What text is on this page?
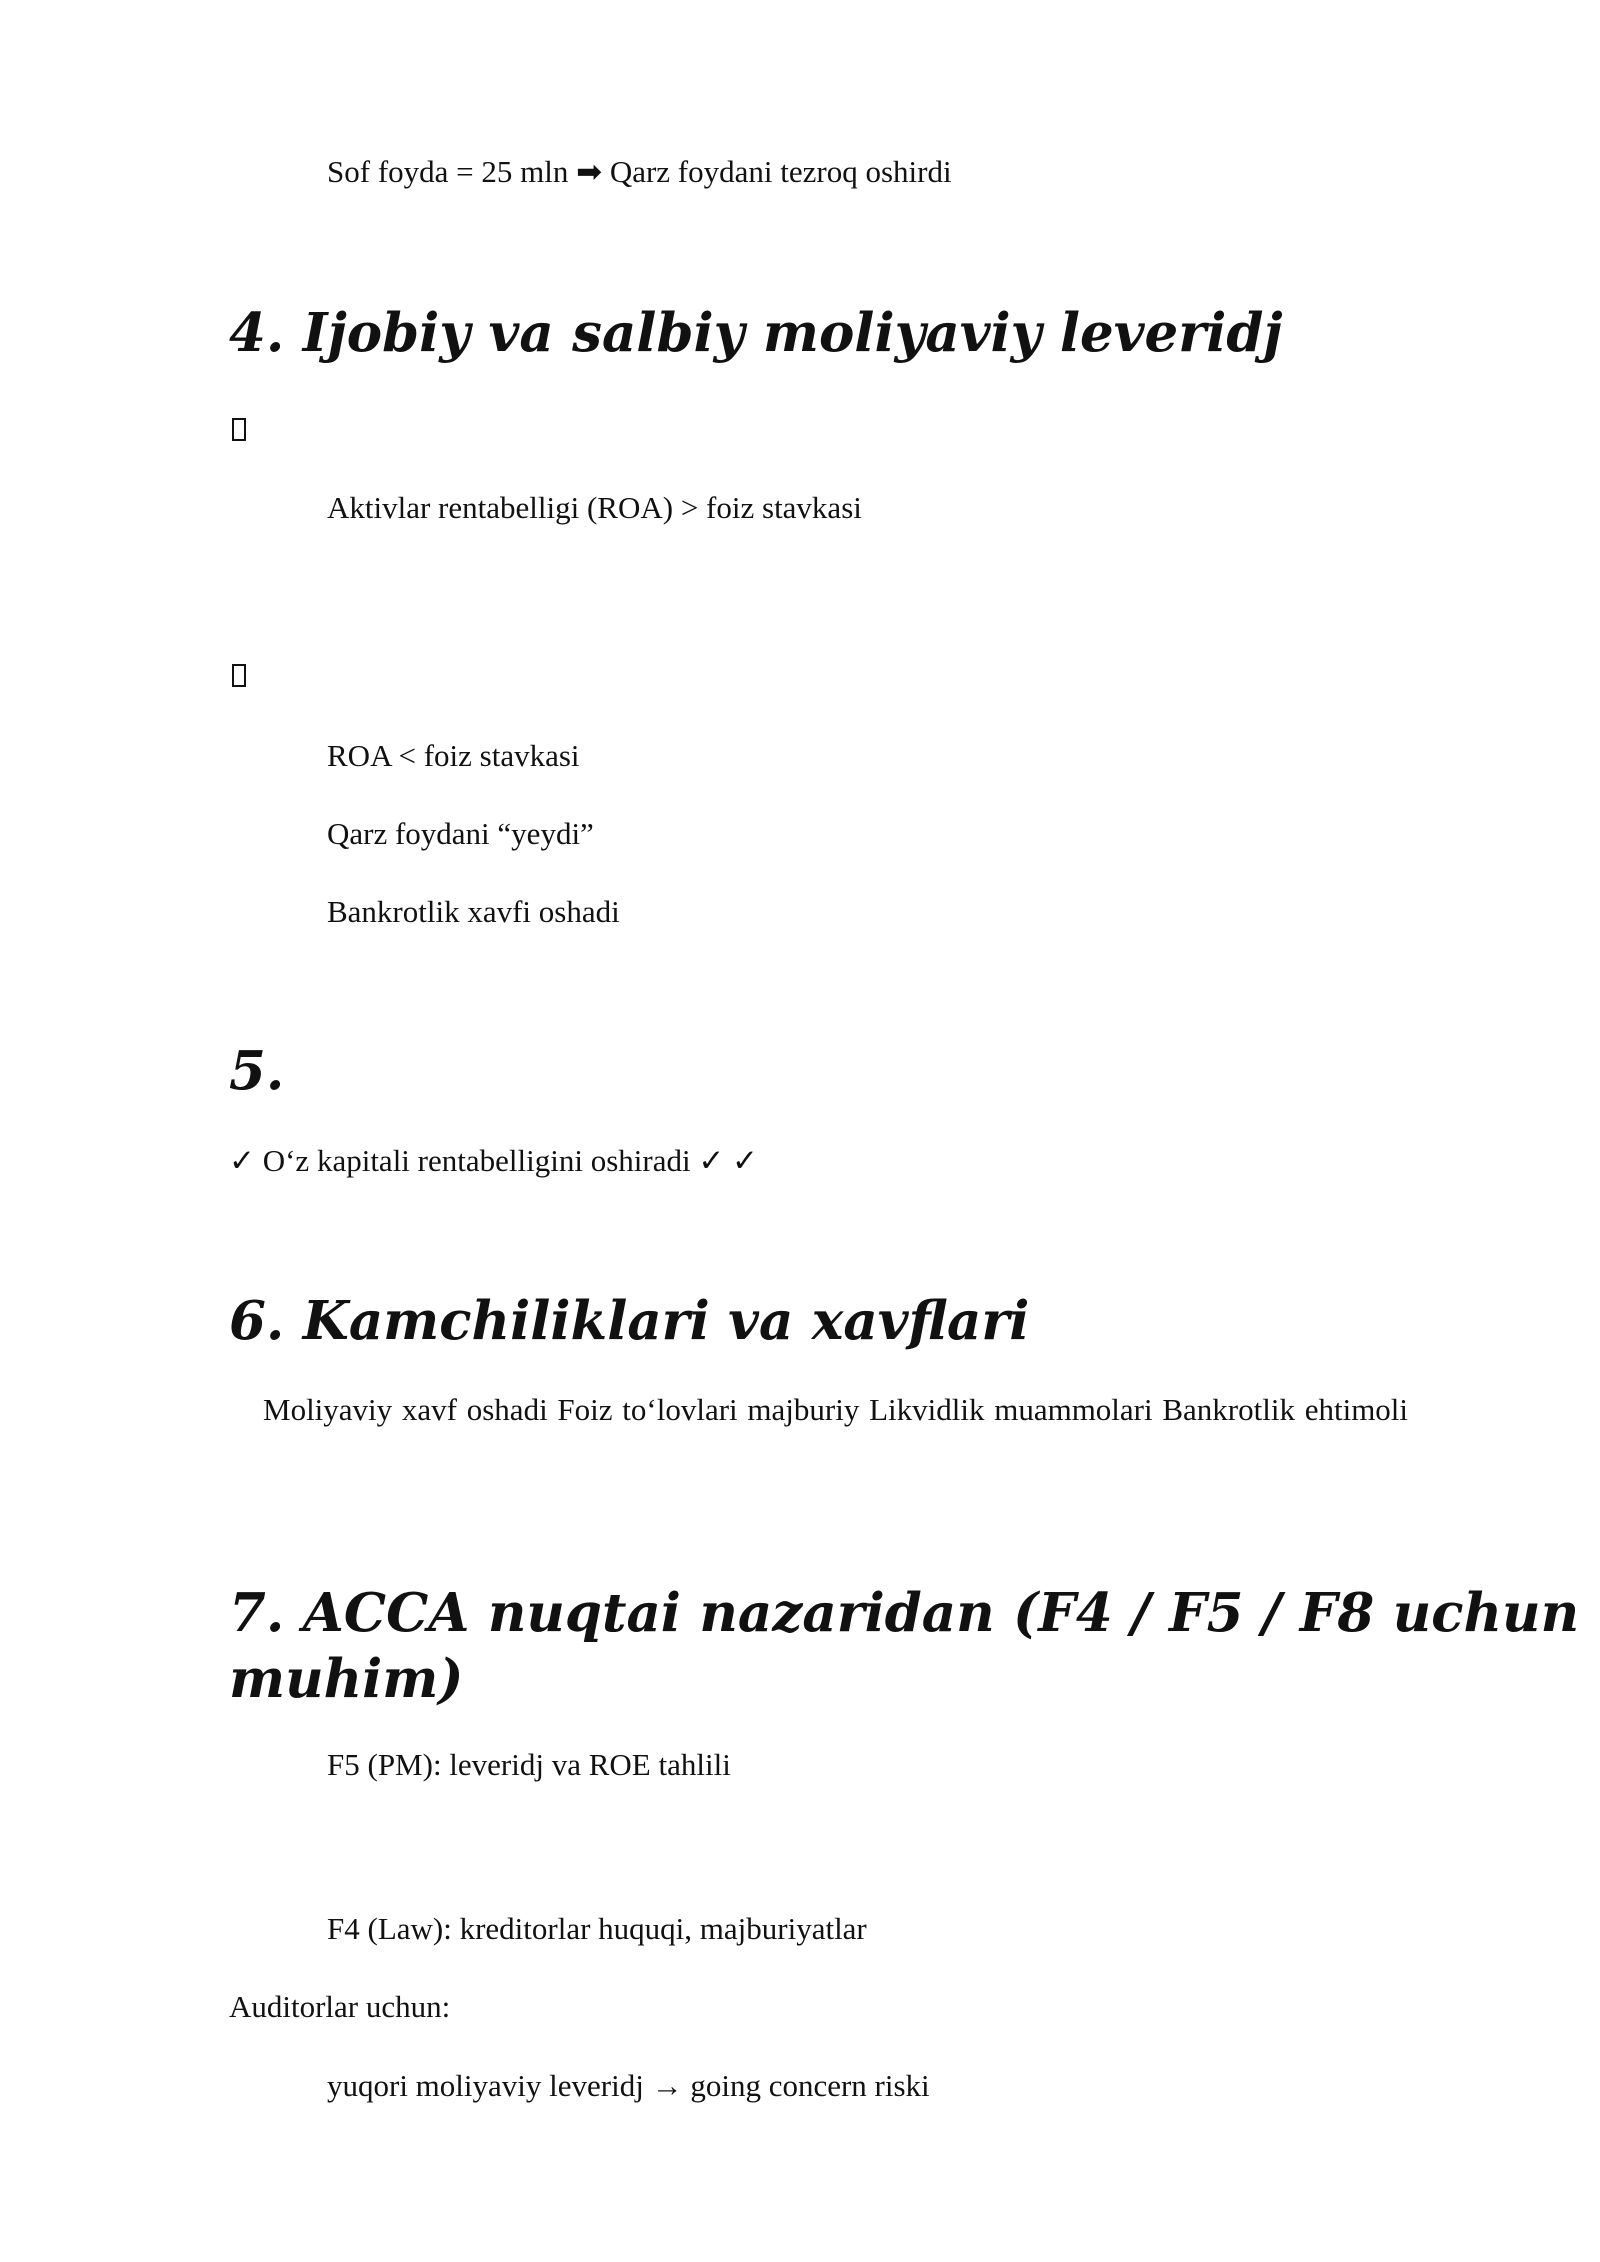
Sof foyda = 25 mln ➡ Qarz foydani tezroq oshirdi
4. Ijobiy va salbiy moliyaviy leveridj
Aktivlar rentabelligi (ROA) > foiz stavkasi
ROA < foiz stavkasi
Qarz foydani “yeydi”
Bankrotlik xavfi oshadi
5.
✓ O‘z kapitali rentabelligini oshiradi ✓ ✓
6. Kamchiliklari va xavflari
Moliyaviy xavf oshadi Foiz to‘lovlari majburiy Likvidlik muammolari Bankrotlik ehtimoli
7. ACCA nuqtai nazaridan (F4 / F5 / F8 uchun
muhim)
F5 (PM): leveridj va ROE tahlili
F4 (Law): kreditorlar huquqi, majburiyatlar
Auditorlar uchun:
yuqori moliyaviy leveridj → going concern riski
